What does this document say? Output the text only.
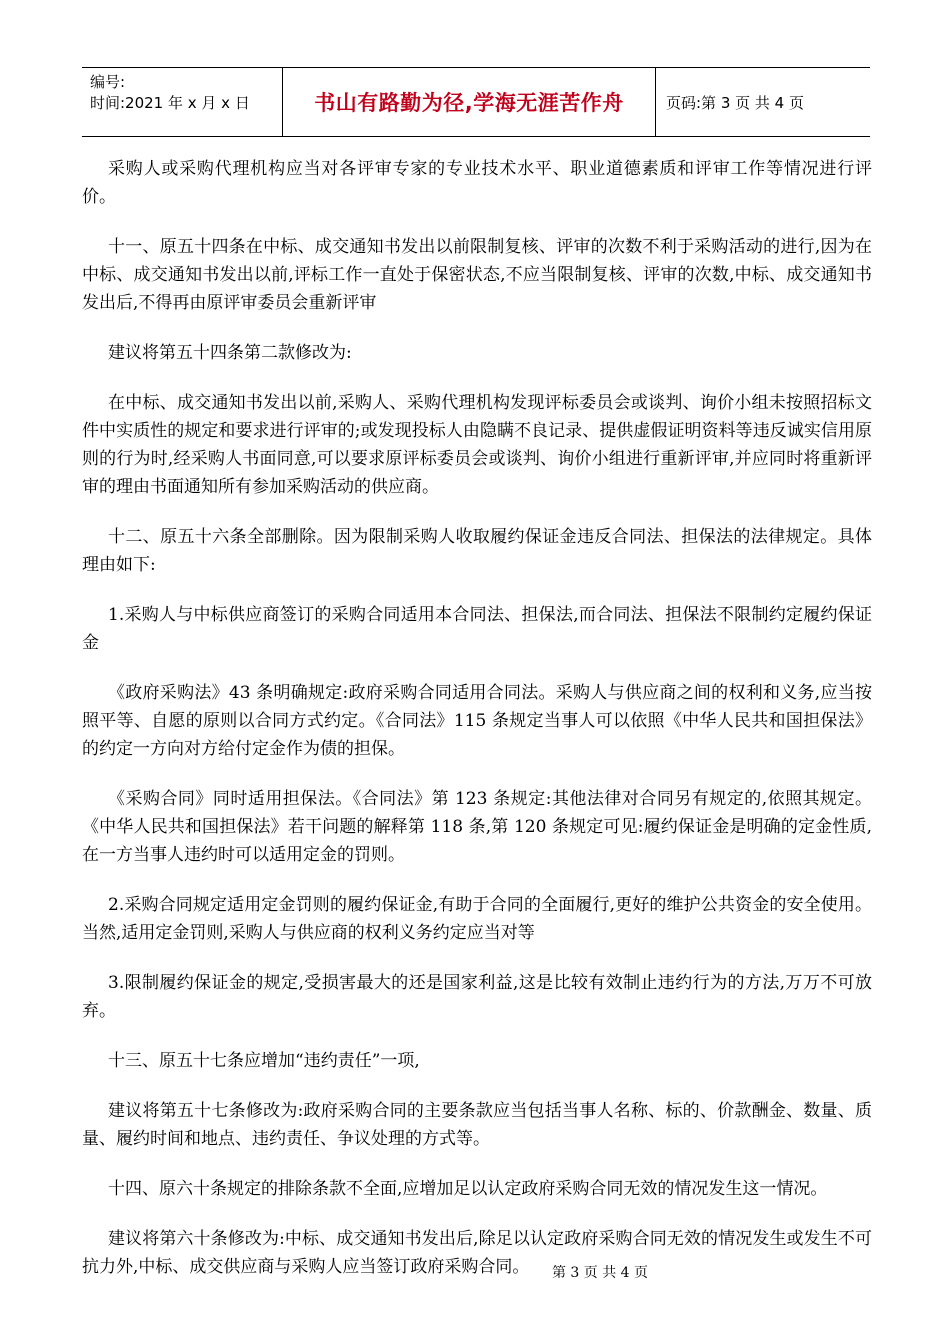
编号:
时间:2021 年 x 月 x 日	书山有路勤为径,学海无涯苦作舟	页码:第 3 页 共 4 页

采购人或采购代理机构应当对各评审专家的专业技术水平、职业道德素质和评审工作等情况进行评价。

十一、原五十四条在中标、成交通知书发出以前限制复核、评审的次数不利于采购活动的进行,因为在中标、成交通知书发出以前,评标工作一直处于保密状态,不应当限制复核、评审的次数,中标、成交通知书发出后,不得再由原评审委员会重新评审

建议将第五十四条第二款修改为:

在中标、成交通知书发出以前,采购人、采购代理机构发现评标委员会或谈判、询价小组未按照招标文件中实质性的规定和要求进行评审的;或发现投标人由隐瞒不良记录、提供虚假证明资料等违反诚实信用原则的行为时,经采购人书面同意,可以要求原评标委员会或谈判、询价小组进行重新评审,并应同时将重新评审的理由书面通知所有参加采购活动的供应商。

十二、原五十六条全部删除。因为限制采购人收取履约保证金违反合同法、担保法的法律规定。具体理由如下:

1.采购人与中标供应商签订的采购合同适用本合同法、担保法,而合同法、担保法不限制约定履约保证金

《政府采购法》43 条明确规定:政府采购合同适用合同法。采购人与供应商之间的权利和义务,应当按照平等、自愿的原则以合同方式约定。《合同法》115 条规定当事人可以依照《中华人民共和国担保法》的约定一方向对方给付定金作为债的担保。

《采购合同》同时适用担保法。《合同法》第 123 条规定:其他法律对合同另有规定的,依照其规定。《中华人民共和国担保法》若干问题的解释第 118 条,第 120 条规定可见:履约保证金是明确的定金性质,在一方当事人违约时可以适用定金的罚则。

2.采购合同规定适用定金罚则的履约保证金,有助于合同的全面履行,更好的维护公共资金的安全使用。当然,适用定金罚则,采购人与供应商的权利义务约定应当对等

3.限制履约保证金的规定,受损害最大的还是国家利益,这是比较有效制止违约行为的方法,万万不可放弃。

十三、原五十七条应增加“违约责任”一项,

建议将第五十七条修改为:政府采购合同的主要条款应当包括当事人名称、标的、价款酬金、数量、质量、履约时间和地点、违约责任、争议处理的方式等。

十四、原六十条规定的排除条款不全面,应增加足以认定政府采购合同无效的情况发生这一情况。

建议将第六十条修改为:中标、成交通知书发出后,除足以认定政府采购合同无效的情况发生或发生不可抗力外,中标、成交供应商与采购人应当签订政府采购合同。	第 3 页 共 4 页
